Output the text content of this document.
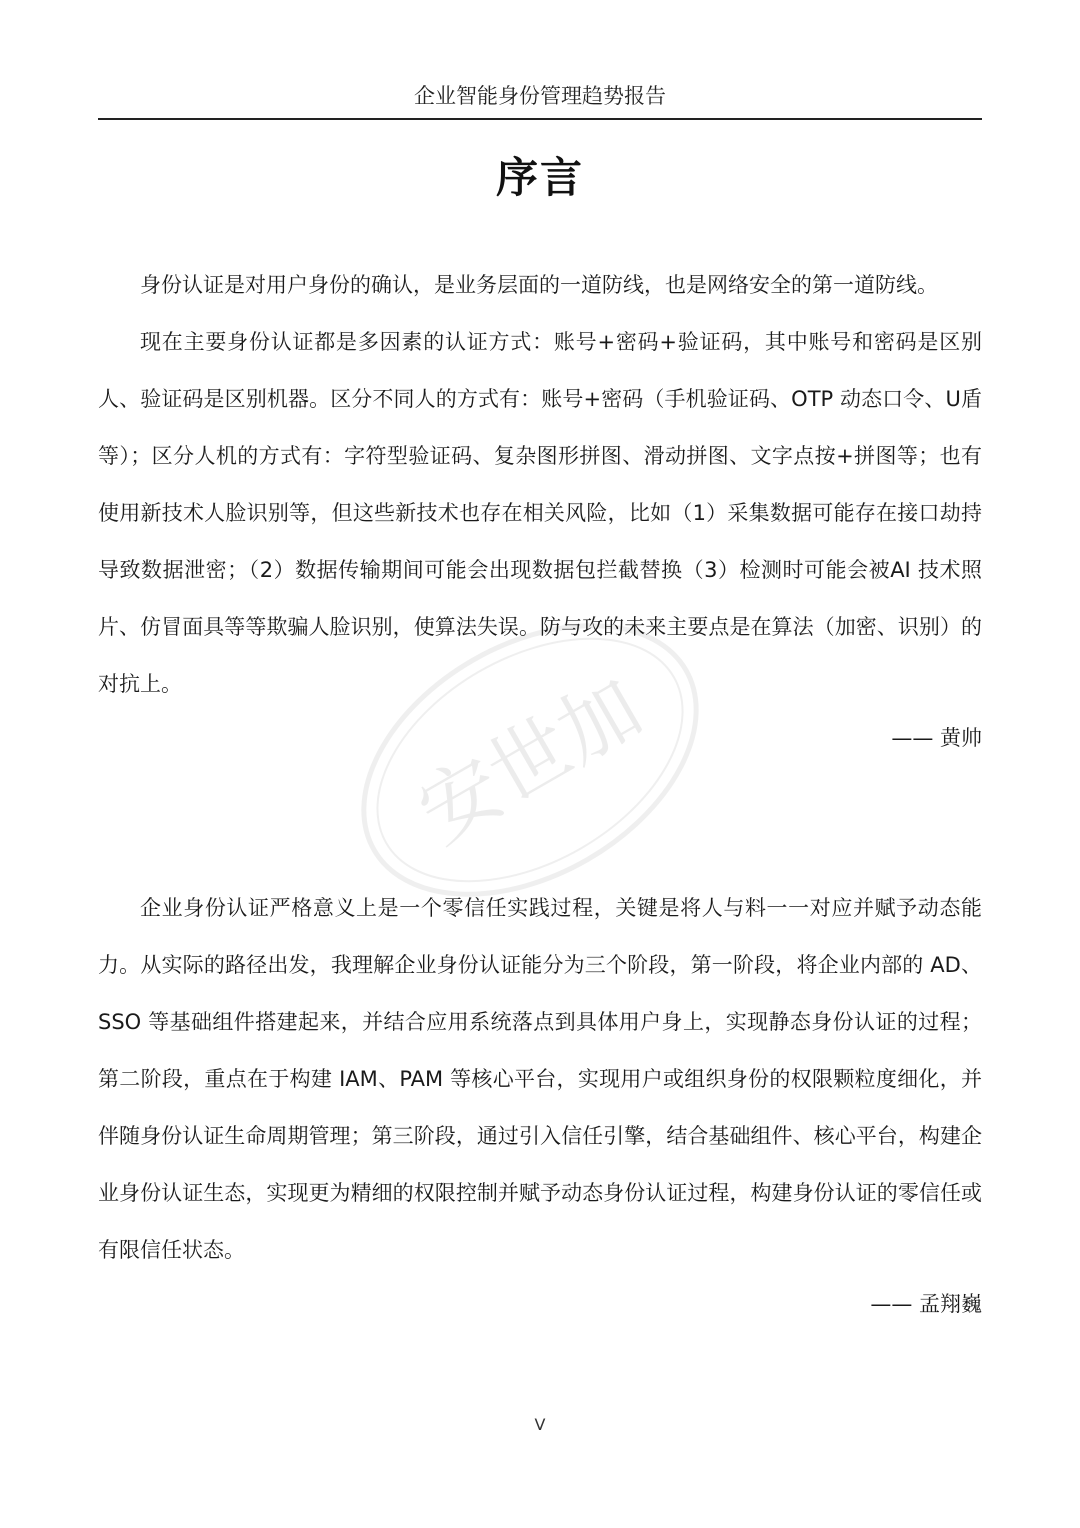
企业智能身份管理趋势报告
序言
安世加

身份认证是对用户身份的确认，是业务层面的一道防线，也是网络安全的第一道防线。

现在主要身份认证都是多因素的认证方式：账号+密码+验证码，其中账号和密码是区别人、验证码是区别机器。区分不同人的方式有：账号+密码（手机验证码、OTP 动态口令、U盾等）；区分人机的方式有：字符型验证码、复杂图形拼图、滑动拼图、文字点按+拼图等；也有使用新技术人脸识别等，但这些新技术也存在相关风险，比如（1）采集数据可能存在接口劫持导致数据泄密；（2）数据传输期间可能会出现数据包拦截替换（3）检测时可能会被AI 技术照片、仿冒面具等等欺骗人脸识别，使算法失误。防与攻的未来主要点是在算法（加密、识别）的对抗上。

—— 黄帅

企业身份认证严格意义上是一个零信任实践过程，关键是将人与料一一对应并赋予动态能力。从实际的路径出发，我理解企业身份认证能分为三个阶段，第一阶段，将企业内部的 AD、SSO 等基础组件搭建起来，并结合应用系统落点到具体用户身上，实现静态身份认证的过程；第二阶段，重点在于构建 IAM、PAM 等核心平台，实现用户或组织身份的权限颗粒度细化，并伴随身份认证生命周期管理；第三阶段，通过引入信任引擎，结合基础组件、核心平台，构建企业身份认证生态，实现更为精细的权限控制并赋予动态身份认证过程，构建身份认证的零信任或有限信任状态。

—— 孟翔巍
V
